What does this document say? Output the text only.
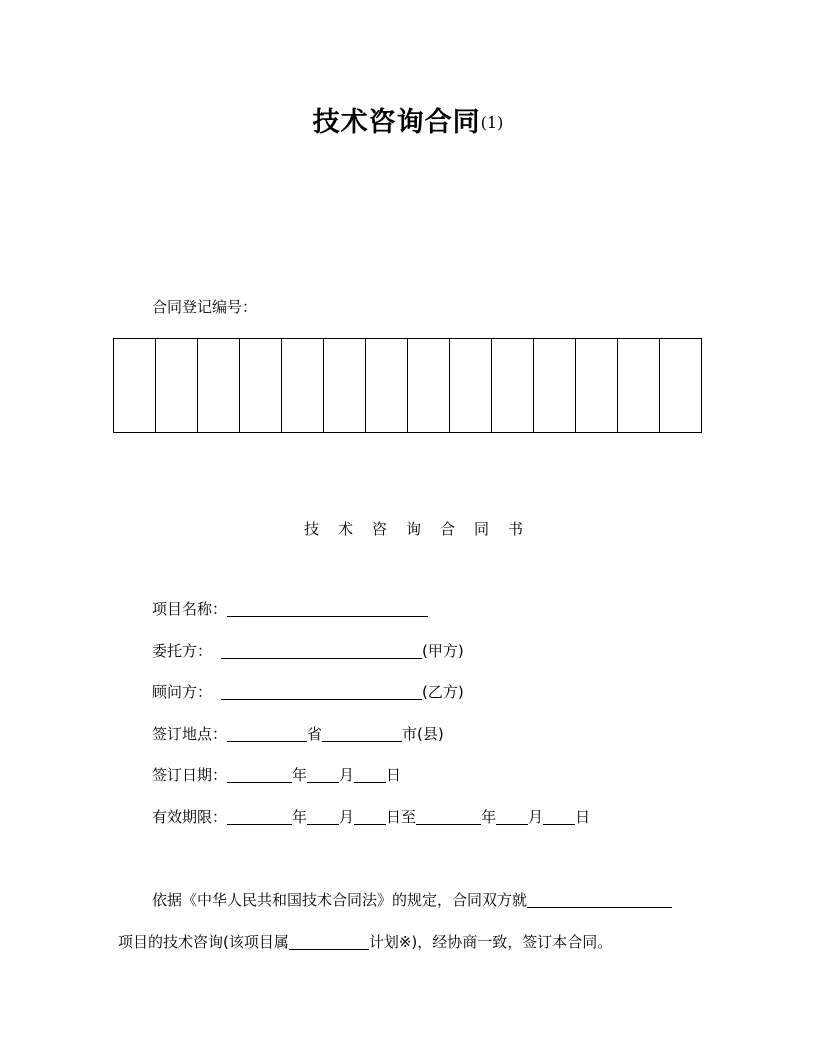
技术咨询合同(1)
合同登记编号：

技术咨询合同书
项目名称：
委托方：	(甲方)
顾问方：	(乙方)
签订地点：	省	市(县)
签订日期：	年 月 日
有效期限：	年 月 日至	年 月 日
依据《中华人民共和国技术合同法》的规定，合同双方就
项目的技术咨询(该项目属	计划※)，经协商一致，签订本合同。
